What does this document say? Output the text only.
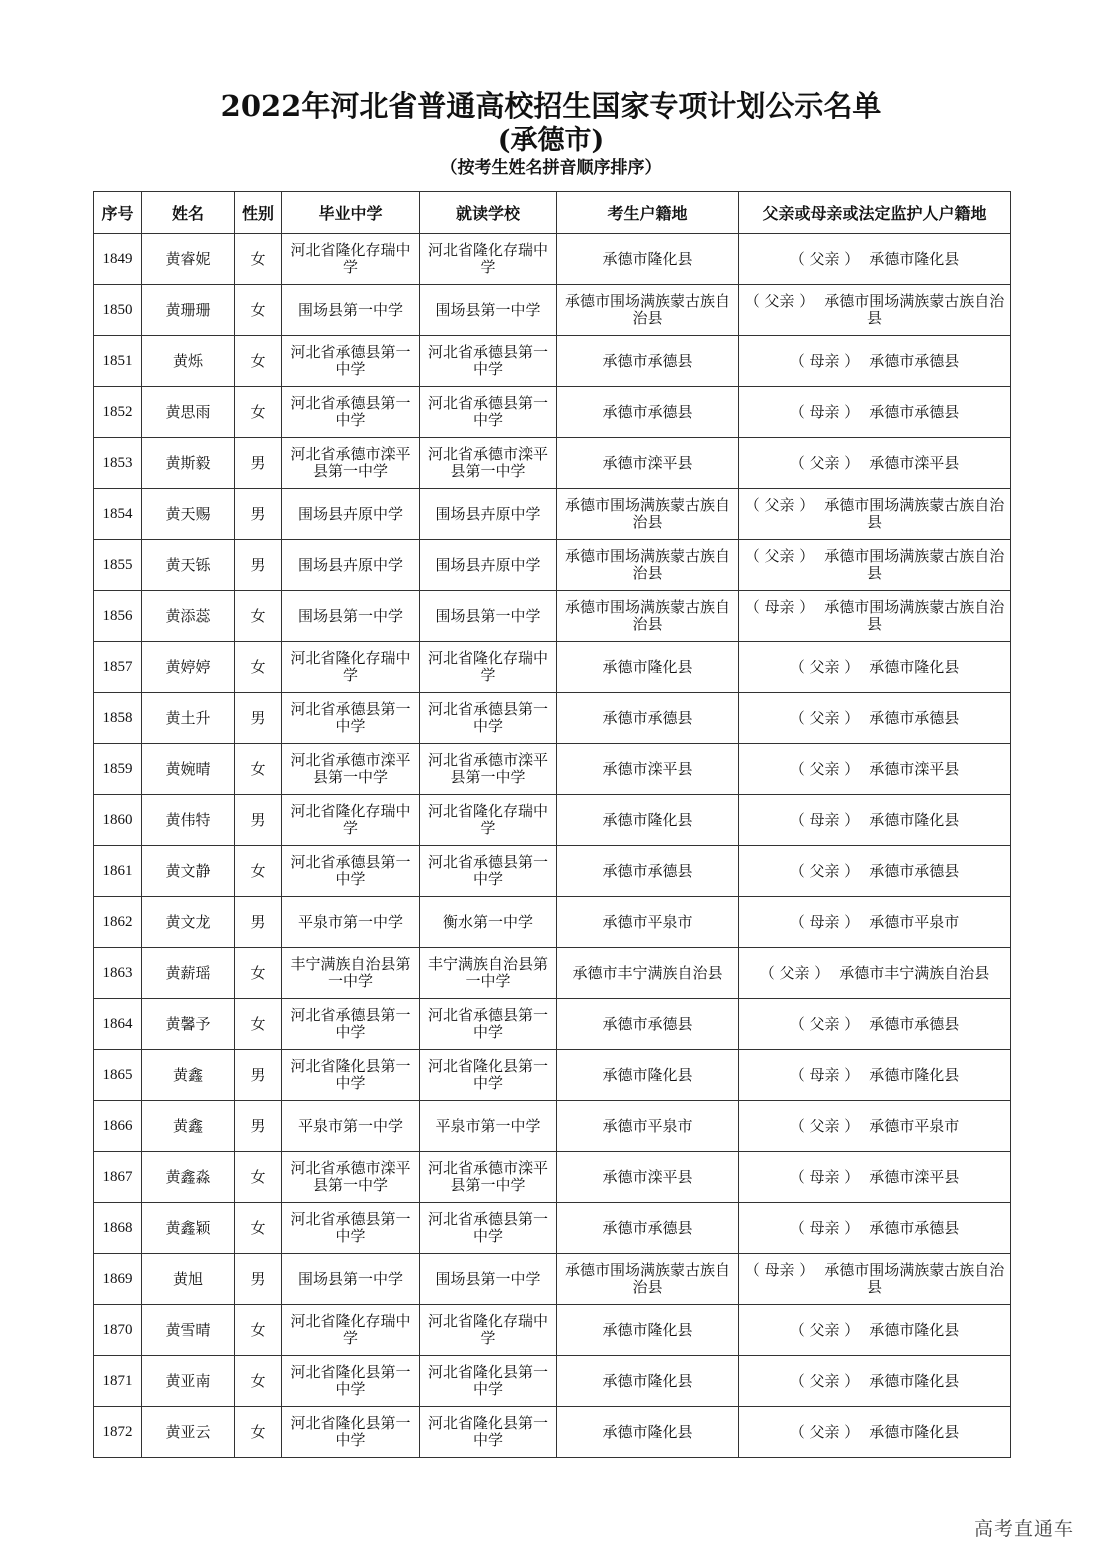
2022年河北省普通高校招生国家专项计划公示名单
(承德市)
（按考生姓名拼音顺序排序）
序号	姓名	性别	毕业中学	就读学校	考生户籍地	父亲或母亲或法定监护人户籍地
1849	黄睿妮	女	河北省隆化存瑞中学	河北省隆化存瑞中学	承德市隆化县	（ 父亲 ） 承德市隆化县
1850	黄珊珊	女	围场县第一中学	围场县第一中学	承德市围场满族蒙古族自治县	（ 父亲 ） 承德市围场满族蒙古族自治县
1851	黄烁	女	河北省承德县第一中学	河北省承德县第一中学	承德市承德县	（ 母亲 ） 承德市承德县
1852	黄思雨	女	河北省承德县第一中学	河北省承德县第一中学	承德市承德县	（ 母亲 ） 承德市承德县
1853	黄斯毅	男	河北省承德市滦平县第一中学	河北省承德市滦平县第一中学	承德市滦平县	（ 父亲 ） 承德市滦平县
1854	黄天赐	男	围场县卉原中学	围场县卉原中学	承德市围场满族蒙古族自治县	（ 父亲 ） 承德市围场满族蒙古族自治县
1855	黄天铄	男	围场县卉原中学	围场县卉原中学	承德市围场满族蒙古族自治县	（ 父亲 ） 承德市围场满族蒙古族自治县
1856	黄添蕊	女	围场县第一中学	围场县第一中学	承德市围场满族蒙古族自治县	（ 母亲 ） 承德市围场满族蒙古族自治县
1857	黄婷婷	女	河北省隆化存瑞中学	河北省隆化存瑞中学	承德市隆化县	（ 父亲 ） 承德市隆化县
1858	黄土升	男	河北省承德县第一中学	河北省承德县第一中学	承德市承德县	（ 父亲 ） 承德市承德县
1859	黄婉晴	女	河北省承德市滦平县第一中学	河北省承德市滦平县第一中学	承德市滦平县	（ 父亲 ） 承德市滦平县
1860	黄伟特	男	河北省隆化存瑞中学	河北省隆化存瑞中学	承德市隆化县	（ 母亲 ） 承德市隆化县
1861	黄文静	女	河北省承德县第一中学	河北省承德县第一中学	承德市承德县	（ 父亲 ） 承德市承德县
1862	黄文龙	男	平泉市第一中学	衡水第一中学	承德市平泉市	（ 母亲 ） 承德市平泉市
1863	黄薪瑶	女	丰宁满族自治县第一中学	丰宁满族自治县第一中学	承德市丰宁满族自治县	（ 父亲 ） 承德市丰宁满族自治县
1864	黄馨予	女	河北省承德县第一中学	河北省承德县第一中学	承德市承德县	（ 父亲 ） 承德市承德县
1865	黄鑫	男	河北省隆化县第一中学	河北省隆化县第一中学	承德市隆化县	（ 母亲 ） 承德市隆化县
1866	黄鑫	男	平泉市第一中学	平泉市第一中学	承德市平泉市	（ 父亲 ） 承德市平泉市
1867	黄鑫淼	女	河北省承德市滦平县第一中学	河北省承德市滦平县第一中学	承德市滦平县	（ 母亲 ） 承德市滦平县
1868	黄鑫颖	女	河北省承德县第一中学	河北省承德县第一中学	承德市承德县	（ 母亲 ） 承德市承德县
1869	黄旭	男	围场县第一中学	围场县第一中学	承德市围场满族蒙古族自治县	（ 母亲 ） 承德市围场满族蒙古族自治县
1870	黄雪晴	女	河北省隆化存瑞中学	河北省隆化存瑞中学	承德市隆化县	（ 父亲 ） 承德市隆化县
1871	黄亚南	女	河北省隆化县第一中学	河北省隆化县第一中学	承德市隆化县	（ 父亲 ） 承德市隆化县
1872	黄亚云	女	河北省隆化县第一中学	河北省隆化县第一中学	承德市隆化县	（ 父亲 ） 承德市隆化县
高考直通车
